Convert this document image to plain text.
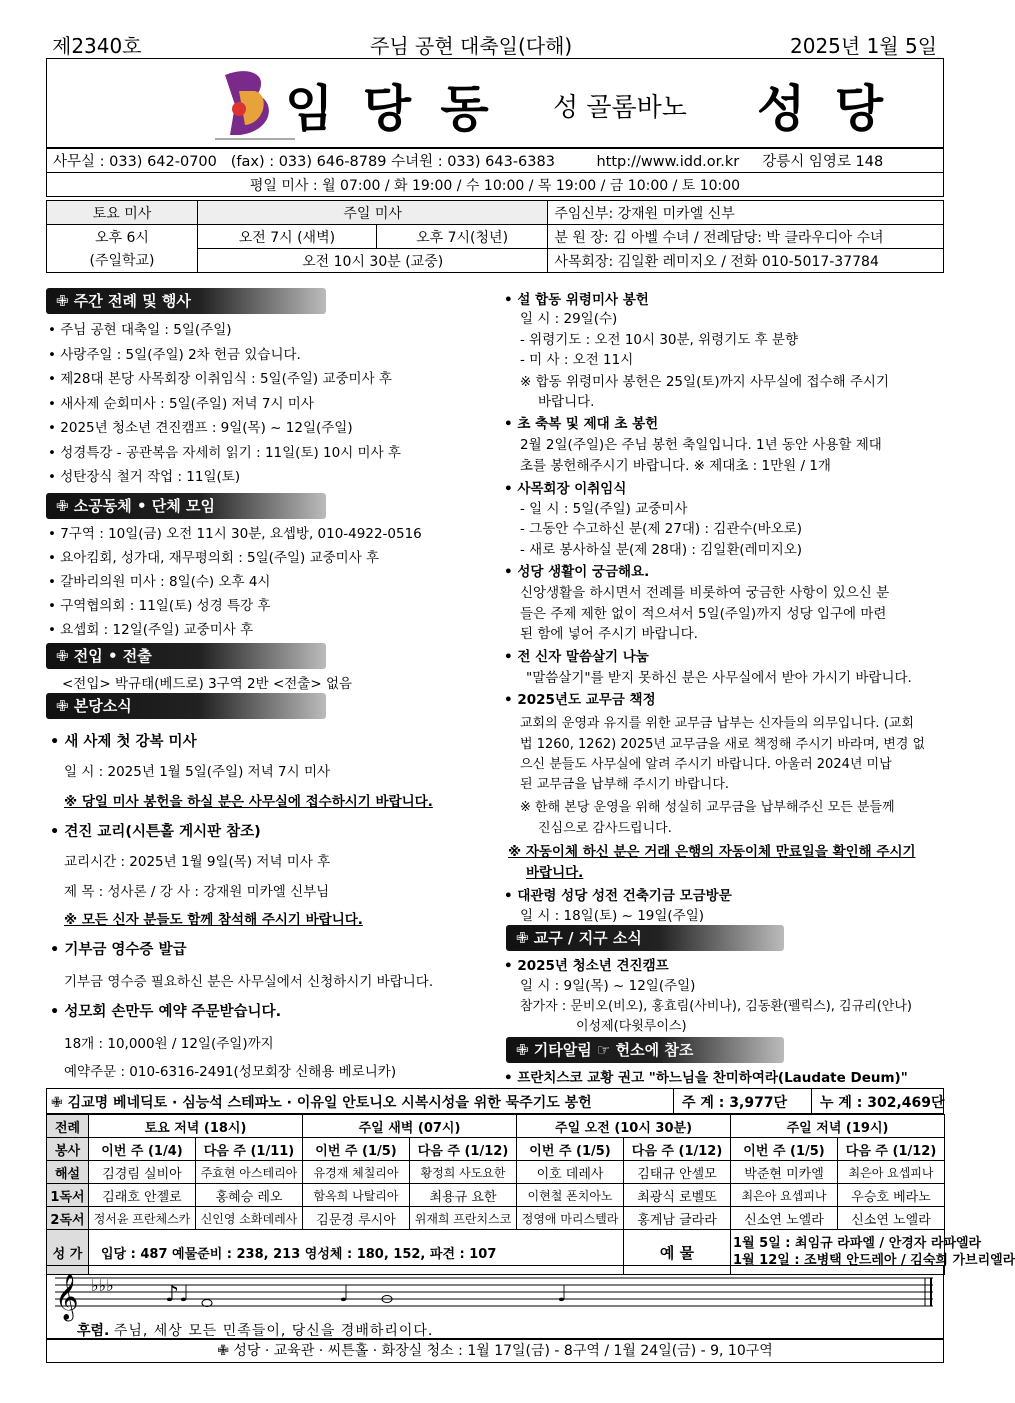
제2340호	주님 공현 대축일(다해)	2025년 1월 5일
임 당 동 성 골롬바노 성 당
사무실 : 033) 642-0700 (fax) : 033) 646-8789 수녀원 : 033) 643-6383	http://www.idd.or.kr 강릉시 임영로 148
평일 미사 : 월 07:00 / 화 19:00 / 수 10:00 / 목 19:00 / 금 10:00 / 토 10:00
토요 미사	주일 미사		주임신부: 강재원 미카엘 신부
오후 6시	오전 7시 (새벽)	오후 7시(청년)	분 원 장: 김 아벨 수녀 / 전례담당: 박 클라우디아 수녀
(주일학교)	오전 10시 30분 (교중)		사목회장: 김일환 레미지오 / 전화 010-5017-37784
✙ 주간 전례 및 행사
• 주님 공현 대축일 : 5일(주일)
• 사랑주일 : 5일(주일) 2차 헌금 있습니다.
• 제28대 본당 사목회장 이취임식 : 5일(주일) 교중미사 후
• 새사제 순회미사 : 5일(주일) 저녁 7시 미사
• 2025년 청소년 견진캠프 : 9일(목) ~ 12일(주일)
• 성경특강 - 공관복음 자세히 읽기 : 11일(토) 10시 미사 후
• 성탄장식 철거 작업 : 11일(토)
✙ 소공동체 • 단체 모임
• 7구역 : 10일(금) 오전 11시 30분, 요셉방, 010-4922-0516
• 요아킴회, 성가대, 재무평의회 : 5일(주일) 교중미사 후
• 갈바리의원 미사 : 8일(수) 오후 4시
• 구역협의회 : 11일(토) 성경 특강 후
• 요셉회 : 12일(주일) 교중미사 후
✙ 전입 • 전출
<전입> 박규태(베드로) 3구역 2반 <전출> 없음
✙ 본당소식
• 새 사제 첫 강복 미사
일 시 : 2025년 1월 5일(주일) 저녁 7시 미사
※ 당일 미사 봉헌을 하실 분은 사무실에 접수하시기 바랍니다.
• 견진 교리(시튼홀 게시판 참조)
교리시간 : 2025년 1월 9일(목) 저녁 미사 후
제 목 : 성사론 / 강 사 : 강재원 미카엘 신부님
※ 모든 신자 분들도 함께 참석해 주시기 바랍니다.
• 기부금 영수증 발급
기부금 영수증 필요하신 분은 사무실에서 신청하시기 바랍니다.
• 성모회 손만두 예약 주문받습니다.
18개 : 10,000원 / 12일(주일)까지
예약주문 : 010-6316-2491(성모회장 신해용 베로니카)
• 설 합동 위령미사 봉헌
일 시 : 29일(수)
- 위령기도 : 오전 10시 30분, 위령기도 후 분향
- 미 사 : 오전 11시
※ 합동 위령미사 봉헌은 25일(토)까지 사무실에 접수해 주시기
바랍니다.
• 초 축복 및 제대 초 봉헌
2월 2일(주일)은 주님 봉헌 축일입니다. 1년 동안 사용할 제대
초를 봉헌해주시기 바랍니다. ※ 제대초 : 1만원 / 1개
• 사목회장 이취임식
- 일 시 : 5일(주일) 교중미사
- 그동안 수고하신 분(제 27대) : 김관수(바오로)
- 새로 봉사하실 분(제 28대) : 김일환(레미지오)
• 성당 생활이 궁금해요.
신앙생활을 하시면서 전례를 비롯하여 궁금한 사항이 있으신 분
들은 주제 제한 없이 적으셔서 5일(주일)까지 성당 입구에 마련
된 함에 넣어 주시기 바랍니다.
• 전 신자 말씀살기 나눔
"말씀살기"를 받지 못하신 분은 사무실에서 받아 가시기 바랍니다.
• 2025년도 교무금 책정
교회의 운영과 유지를 위한 교무금 납부는 신자들의 의무입니다. (교회
법 1260, 1262) 2025년 교무금을 새로 책정해 주시기 바라며, 변경 없
으신 분들도 사무실에 알려 주시기 바랍니다. 아울러 2024년 미납
된 교무금을 납부해 주시기 바랍니다.
※ 한해 본당 운영을 위해 성실히 교무금을 납부해주신 모든 분들께
진심으로 감사드립니다.
※ 자동이체 하신 분은 거래 은행의 자동이체 만료일을 확인해 주시기
바랍니다.
• 대관령 성당 성전 건축기금 모금방문
일 시 : 18일(토) ~ 19일(주일)
✙ 교구 / 지구 소식
• 2025년 청소년 견진캠프
일 시 : 9일(목) ~ 12일(주일)
참가자 : 문비오(비오), 홍효림(사비나), 김동환(펠릭스), 김규리(안나)
이성제(다윗루이스)
✙ 기타알림 ☞ 헌소에 참조
• 프란치스코 교황 권고 "하느님을 찬미하여라(Laudate Deum)"
✙ 김교명 베네딕토 · 심능석 스테파노 · 이유일 안토니오 시복시성을 위한 묵주기도 봉헌	주 계 : 3,977단	누 계 : 302,469단
전례	토요 저녁 (18시)		주일 새벽 (07시)		주일 오전 (10시 30분)		주일 저녁 (19시)	
봉사	이번 주 (1/4)	다음 주 (1/11)	이번 주 (1/5)	다음 주 (1/12)	이번 주 (1/5)	다음 주 (1/12)	이번 주 (1/5)	다음 주 (1/12)
해설	김경림 실비아	주효현 아스테리아	유경재 체칠리아	황정희 사도요한	이호 데레사	김태규 안셀모	박준현 미카엘	최은아 요셉피나
1독서	김래호 안젤로	홍혜승 레오	함옥희 나탈리아	최용규 요한	이현철 폰치아노	최광식 로벨또	최은아 요셉피나	우승호 베라노
2독서	정서윤 프란체스카	신인영 소화데레사	김문경 루시아	위재희 프란치스코	정영애 마리스텔라	홍계남 글라라	신소연 노엘라	신소연 노엘라
성 가	입당 : 487 예물준비 : 238, 213 영성체 : 180, 152, 파견 : 107					예 물	1월 5일 : 최임규 라파엘 / 안경자 라파엘라
1월 12일 : 조병택 안드레아 / 김숙희 가브리엘라	
𝄞 ♭♭♭ ♪♩	♩	♩
후렴. 주님, 세상 모든 민족들이, 당신을 경배하리이다.
✙ 성당 · 교육관 · 씨튼홀 · 화장실 청소 : 1월 17일(금) - 8구역 / 1월 24일(금) - 9, 10구역
